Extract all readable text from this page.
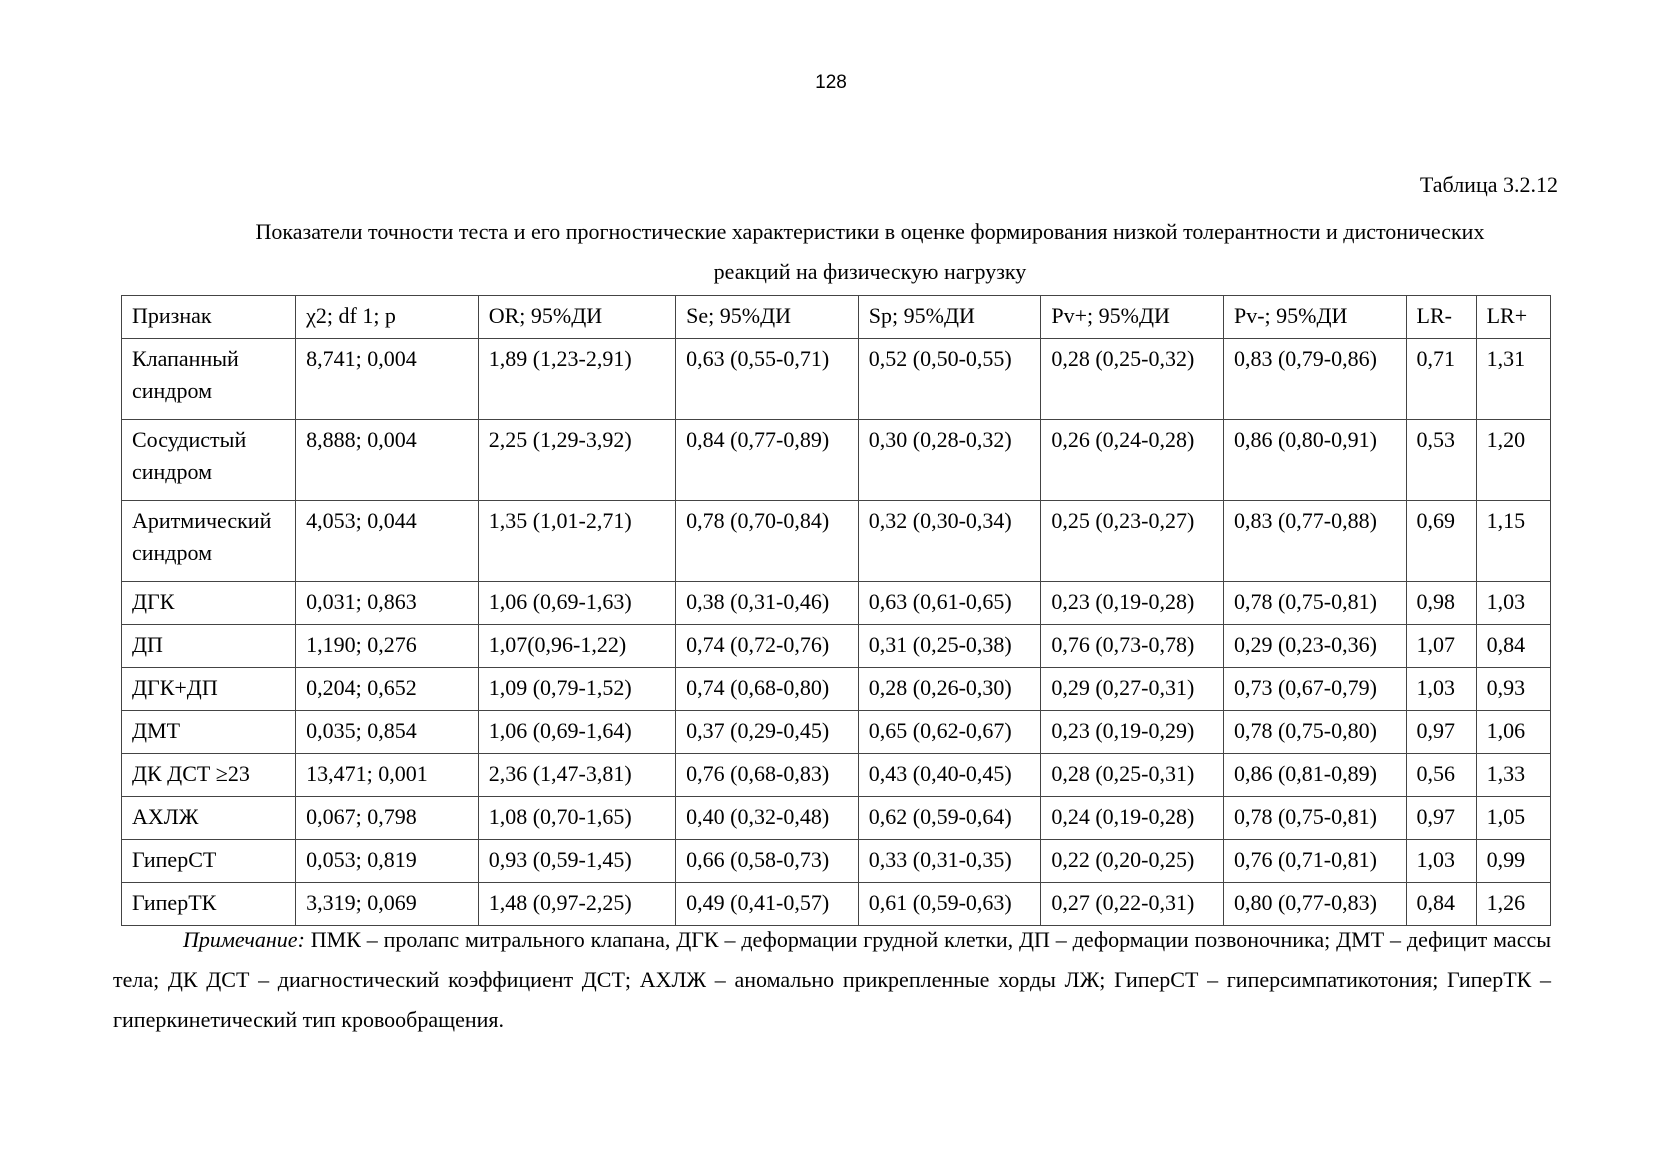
128
Таблица 3.2.12
Показатели точности теста и его прогностические характеристики в оценке формирования низкой толерантности и дистонических
реакций на физическую нагрузку
Признак	χ2; df 1; p	OR; 95%ДИ	Se; 95%ДИ	Sp; 95%ДИ	Pv+; 95%ДИ	Pv-; 95%ДИ	LR-	LR+

Клапанный
синдром	8,741; 0,004	1,89 (1,23-2,91)	0,63 (0,55-0,71)	0,52 (0,50-0,55)	0,28 (0,25-0,32)	0,83 (0,79-0,86)	0,71	1,31

Сосудистый
синдром	8,888; 0,004	2,25 (1,29-3,92)	0,84 (0,77-0,89)	0,30 (0,28-0,32)	0,26 (0,24-0,28)	0,86 (0,80-0,91)	0,53	1,20

Аритмический
синдром	4,053; 0,044	1,35 (1,01-2,71)	0,78 (0,70-0,84)	0,32 (0,30-0,34)	0,25 (0,23-0,27)	0,83 (0,77-0,88)	0,69	1,15
ДГК	0,031; 0,863	1,06 (0,69-1,63)	0,38 (0,31-0,46)	0,63 (0,61-0,65)	0,23 (0,19-0,28)	0,78 (0,75-0,81)	0,98	1,03
ДП	1,190; 0,276	1,07(0,96-1,22)	0,74 (0,72-0,76)	0,31 (0,25-0,38)	0,76 (0,73-0,78)	0,29 (0,23-0,36)	1,07	0,84
ДГК+ДП	0,204; 0,652	1,09 (0,79-1,52)	0,74 (0,68-0,80)	0,28 (0,26-0,30)	0,29 (0,27-0,31)	0,73 (0,67-0,79)	1,03	0,93
ДМТ	0,035; 0,854	1,06 (0,69-1,64)	0,37 (0,29-0,45)	0,65 (0,62-0,67)	0,23 (0,19-0,29)	0,78 (0,75-0,80)	0,97	1,06
ДК ДСТ ≥23	13,471; 0,001	2,36 (1,47-3,81)	0,76 (0,68-0,83)	0,43 (0,40-0,45)	0,28 (0,25-0,31)	0,86 (0,81-0,89)	0,56	1,33
АХЛЖ	0,067; 0,798	1,08 (0,70-1,65)	0,40 (0,32-0,48)	0,62 (0,59-0,64)	0,24 (0,19-0,28)	0,78 (0,75-0,81)	0,97	1,05
ГиперСТ	0,053; 0,819	0,93 (0,59-1,45)	0,66 (0,58-0,73)	0,33 (0,31-0,35)	0,22 (0,20-0,25)	0,76 (0,71-0,81)	1,03	0,99
ГиперТК	3,319; 0,069	1,48 (0,97-2,25)	0,49 (0,41-0,57)	0,61 (0,59-0,63)	0,27 (0,22-0,31)	0,80 (0,77-0,83)	0,84	1,26
Примечание: ПМК – пролапс митрального клапана, ДГК – деформации грудной клетки, ДП – деформации позвоночника; ДМТ – дефицит массы тела; ДК ДСТ – диагностический коэффициент ДСТ; АХЛЖ – аномально прикрепленные хорды ЛЖ; ГиперСТ – гиперсимпатикотония; ГиперТК – гиперкинетический тип кровообращения.
